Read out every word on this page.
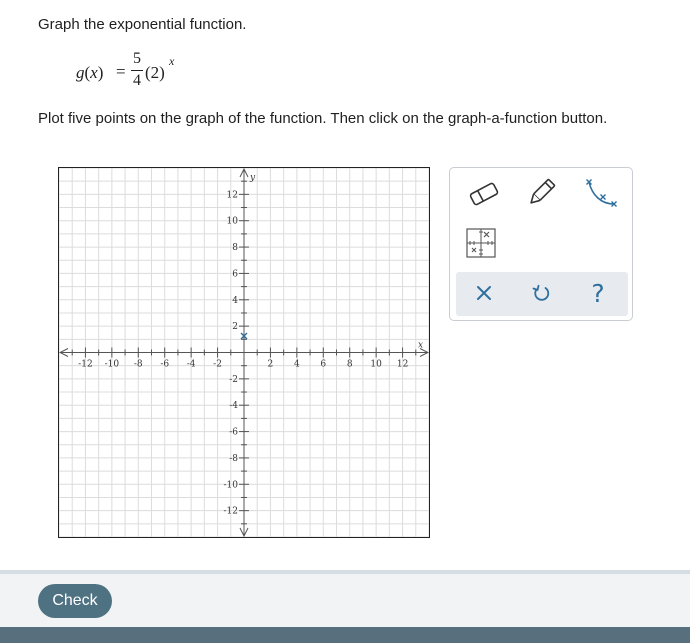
Graph the exponential function.

g(x) =
5
4 (2)
x

Plot five points on the graph of the function. Then click on the graph-a-function button.

-12 -10 -8 -6 -4 -2	2 4 6 8 10 12
12
10
8
6
4
2
-2
-4
-6
-8
-10
-12
x
y
?
Check
